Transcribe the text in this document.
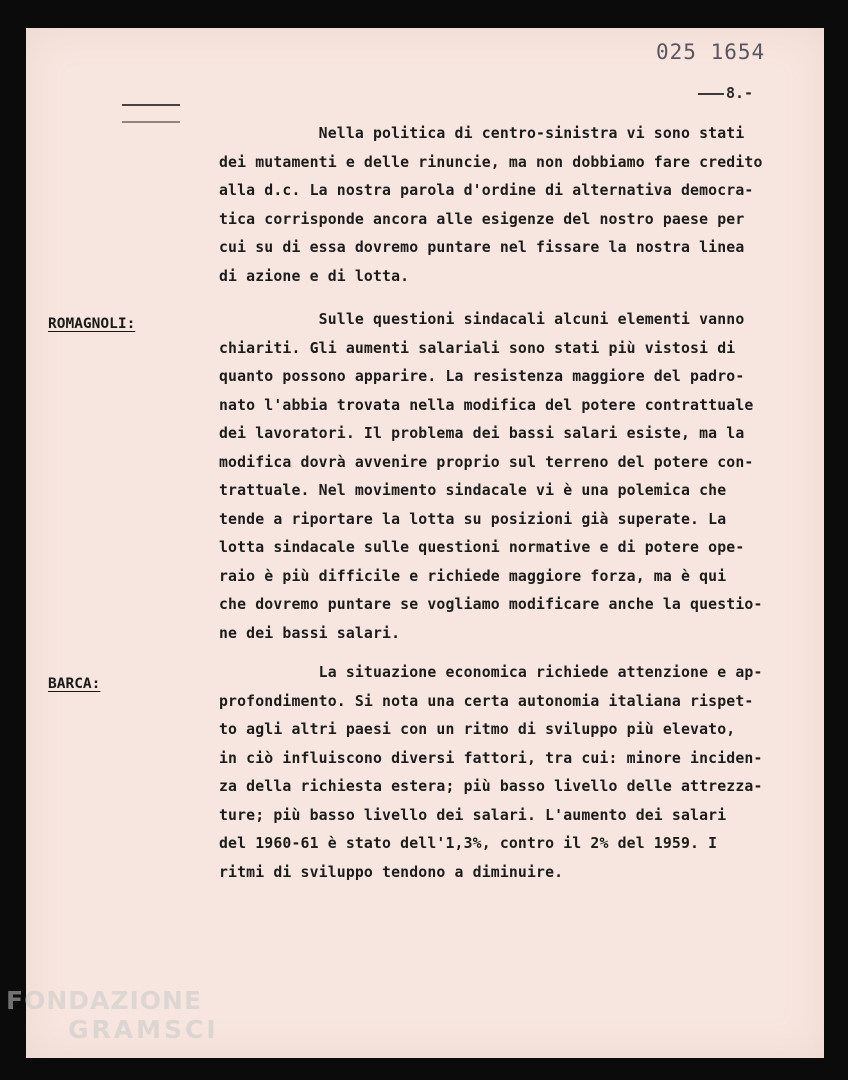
025 1654
8.-
Nella politica di centro-sinistra vi sono stati
dei mutamenti e delle rinuncie, ma non dobbiamo fare credito
alla d.c. La nostra parola d'ordine di alternativa democra-
tica corrisponde ancora alle esigenze del nostro paese per
cui su di essa dovremo puntare nel fissare la nostra linea
di azione e di lotta.
ROMAGNOLI:	Sulle questioni sindacali alcuni elementi vanno
chiariti. Gli aumenti salariali sono stati più vistosi di
quanto possono apparire. La resistenza maggiore del padro-
nato l'abbia trovata nella modifica del potere contrattuale
dei lavoratori. Il problema dei bassi salari esiste, ma la
modifica dovrà avvenire proprio sul terreno del potere con-
trattuale. Nel movimento sindacale vi è una polemica che
tende a riportare la lotta su posizioni già superate. La
lotta sindacale sulle questioni normative e di potere ope-
raio è più difficile e richiede maggiore forza, ma è qui
che dovremo puntare se vogliamo modificare anche la questio-
ne dei bassi salari.
BARCA:
La situazione economica richiede attenzione e ap-
profondimento. Si nota una certa autonomia italiana rispet-
to agli altri paesi con un ritmo di sviluppo più elevato,
in ciò influiscono diversi fattori, tra cui: minore inciden-
za della richiesta estera; più basso livello delle attrezza-
ture; più basso livello dei salari. L'aumento dei salari
del 1960-61 è stato dell'1,3%, contro il 2% del 1959. I
ritmi di sviluppo tendono a diminuire.
FONDAZIONE
GRAMSCI
